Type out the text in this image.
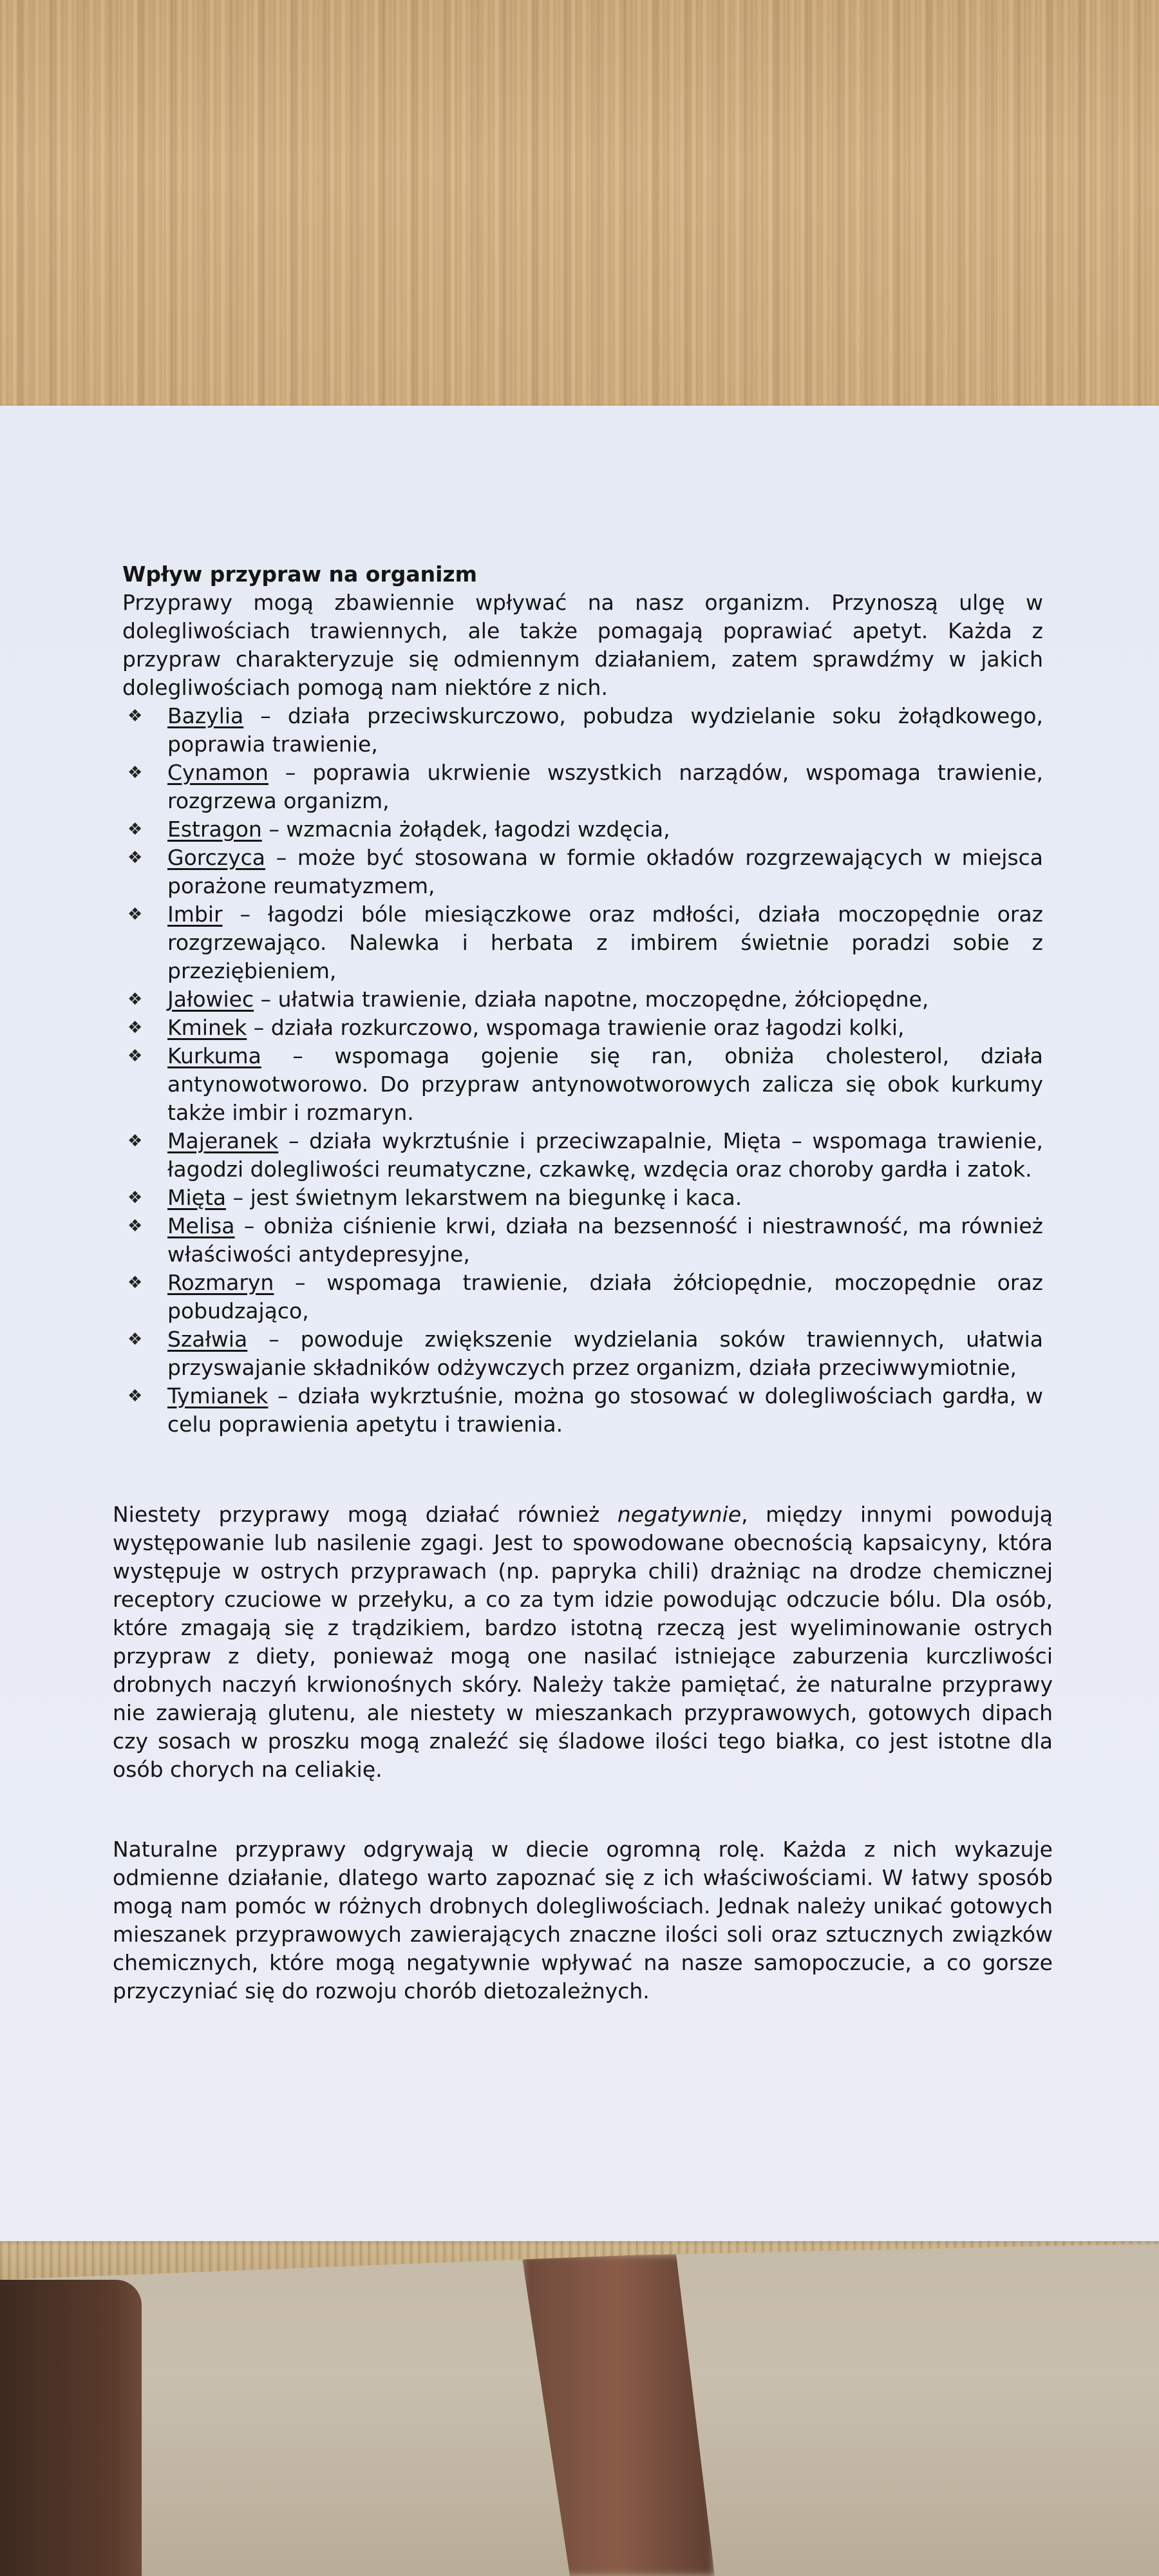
Wpływ przypraw na organizm

Przyprawy mogą zbawiennie wpływać na nasz organizm. Przynoszą ulgę w dolegliwościach trawiennych, ale także pomagają poprawiać apetyt. Każda z przypraw charakteryzuje się odmiennym działaniem, zatem sprawdźmy w jakich dolegliwościach pomogą nam niektóre z nich.

❖ Bazylia – działa przeciwskurczowo, pobudza wydzielanie soku żołądkowego, poprawia trawienie,
❖ Cynamon – poprawia ukrwienie wszystkich narządów, wspomaga trawienie, rozgrzewa organizm,
❖ Estragon – wzmacnia żołądek, łagodzi wzdęcia,
❖ Gorczyca – może być stosowana w formie okładów rozgrzewających w miejsca porażone reumatyzmem,
❖ Imbir – łagodzi bóle miesiączkowe oraz mdłości, działa moczopędnie oraz rozgrzewająco. Nalewka i herbata z imbirem świetnie poradzi sobie z przeziębieniem,
❖ Jałowiec – ułatwia trawienie, działa napotne, moczopędne, żółciopędne,
❖ Kminek – działa rozkurczowo, wspomaga trawienie oraz łagodzi kolki,
❖ Kurkuma – wspomaga gojenie się ran, obniża cholesterol, działa antynowotworowo. Do przypraw antynowotworowych zalicza się obok kurkumy także imbir i rozmaryn.
❖ Majeranek – działa wykrztuśnie i przeciwzapalnie, Mięta – wspomaga trawienie, łagodzi dolegliwości reumatyczne, czkawkę, wzdęcia oraz choroby gardła i zatok.
❖ Mięta – jest świetnym lekarstwem na biegunkę i kaca.
❖ Melisa – obniża ciśnienie krwi, działa na bezsenność i niestrawność, ma również właściwości antydepresyjne,
❖ Rozmaryn – wspomaga trawienie, działa żółciopędnie, moczopędnie oraz pobudzająco,
❖ Szałwia – powoduje zwiększenie wydzielania soków trawiennych, ułatwia przyswajanie składników odżywczych przez organizm, działa przeciwwymiotnie,
❖ Tymianek – działa wykrztuśnie, można go stosować w dolegliwościach gardła, w celu poprawienia apetytu i trawienia.

Niestety przyprawy mogą działać również negatywnie, między innymi powodują występowanie lub nasilenie zgagi. Jest to spowodowane obecnością kapsaicyny, która występuje w ostrych przyprawach (np. papryka chili) drażniąc na drodze chemicznej receptory czuciowe w przełyku, a co za tym idzie powodując odczucie bólu. Dla osób, które zmagają się z trądzikiem, bardzo istotną rzeczą jest wyeliminowanie ostrych przypraw z diety, ponieważ mogą one nasilać istniejące zaburzenia kurczliwości drobnych naczyń krwionośnych skóry. Należy także pamiętać, że naturalne przyprawy nie zawierają glutenu, ale niestety w mieszankach przyprawowych, gotowych dipach czy sosach w proszku mogą znaleźć się śladowe ilości tego białka, co jest istotne dla osób chorych na celiakię.

Naturalne przyprawy odgrywają w diecie ogromną rolę. Każda z nich wykazuje odmienne działanie, dlatego warto zapoznać się z ich właściwościami. W łatwy sposób mogą nam pomóc w różnych drobnych dolegliwościach. Jednak należy unikać gotowych mieszanek przyprawowych zawierających znaczne ilości soli oraz sztucznych związków chemicznych, które mogą negatywnie wpływać na nasze samopoczucie, a co gorsze przyczyniać się do rozwoju chorób dietozależnych.
